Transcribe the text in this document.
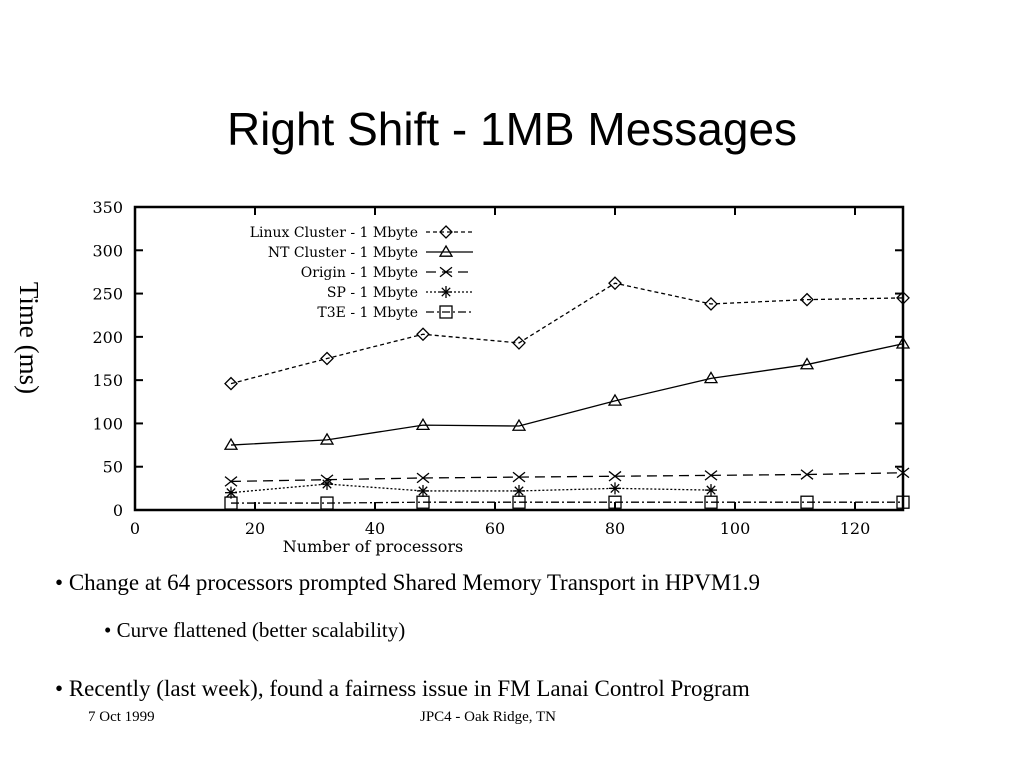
Right Shift - 1MB Messages
Linux Cluster - 1 Mbyte
NT Cluster - 1 Mbyte
Origin - 1 Mbyte
SP - 1 Mbyte
T3E - 1 Mbyte
0
50
100
150
200
250
300
350
0	20	40	60	80	100	120
Number of processors
Time (ms)
• Change at 64 processors prompted Shared Memory Transport in HPVM1.9
• Curve flattened (better scalability)
• Recently (last week), found a fairness issue in FM Lanai Control Program
7 Oct 1999	JPC4 - Oak Ridge, TN
